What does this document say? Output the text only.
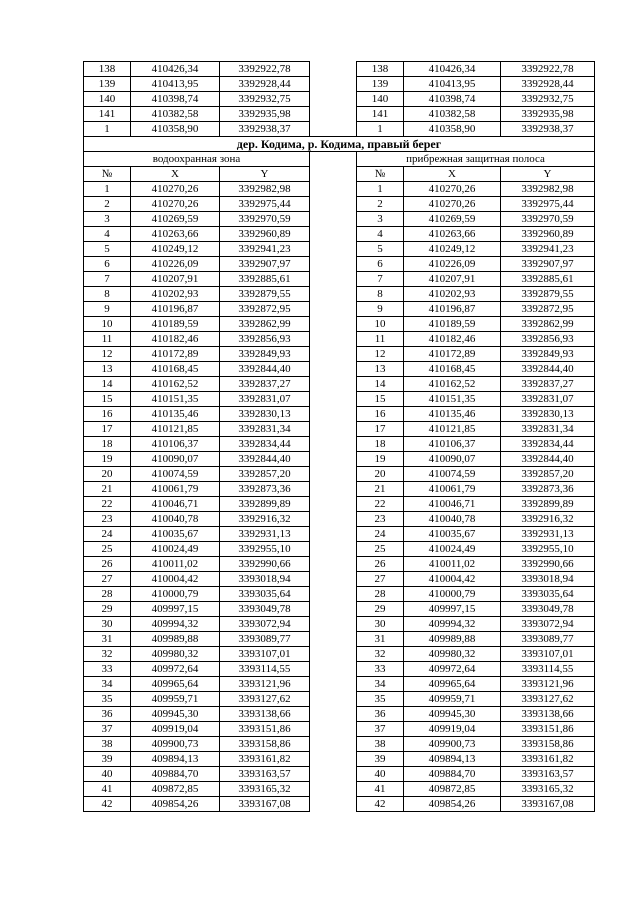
138	410426,34	3392922,78		138	410426,34	3392922,78
139	410413,95	3392928,44		139	410413,95	3392928,44
140	410398,74	3392932,75		140	410398,74	3392932,75
141	410382,58	3392935,98		141	410382,58	3392935,98
1	410358,90	3392938,37		1	410358,90	3392938,37
дер. Кодима, р. Кодима, правый берег						
водоохранная зона				прибрежная защитная полоса		
№	X	Y		№	X	Y
1	410270,26	3392982,98		1	410270,26	3392982,98
2	410270,26	3392975,44		2	410270,26	3392975,44
3	410269,59	3392970,59		3	410269,59	3392970,59
4	410263,66	3392960,89		4	410263,66	3392960,89
5	410249,12	3392941,23		5	410249,12	3392941,23
6	410226,09	3392907,97		6	410226,09	3392907,97
7	410207,91	3392885,61		7	410207,91	3392885,61
8	410202,93	3392879,55		8	410202,93	3392879,55
9	410196,87	3392872,95		9	410196,87	3392872,95
10	410189,59	3392862,99		10	410189,59	3392862,99
11	410182,46	3392856,93		11	410182,46	3392856,93
12	410172,89	3392849,93		12	410172,89	3392849,93
13	410168,45	3392844,40		13	410168,45	3392844,40
14	410162,52	3392837,27		14	410162,52	3392837,27
15	410151,35	3392831,07		15	410151,35	3392831,07
16	410135,46	3392830,13		16	410135,46	3392830,13
17	410121,85	3392831,34		17	410121,85	3392831,34
18	410106,37	3392834,44		18	410106,37	3392834,44
19	410090,07	3392844,40		19	410090,07	3392844,40
20	410074,59	3392857,20		20	410074,59	3392857,20
21	410061,79	3392873,36		21	410061,79	3392873,36
22	410046,71	3392899,89		22	410046,71	3392899,89
23	410040,78	3392916,32		23	410040,78	3392916,32
24	410035,67	3392931,13		24	410035,67	3392931,13
25	410024,49	3392955,10		25	410024,49	3392955,10
26	410011,02	3392990,66		26	410011,02	3392990,66
27	410004,42	3393018,94		27	410004,42	3393018,94
28	410000,79	3393035,64		28	410000,79	3393035,64
29	409997,15	3393049,78		29	409997,15	3393049,78
30	409994,32	3393072,94		30	409994,32	3393072,94
31	409989,88	3393089,77		31	409989,88	3393089,77
32	409980,32	3393107,01		32	409980,32	3393107,01
33	409972,64	3393114,55		33	409972,64	3393114,55
34	409965,64	3393121,96		34	409965,64	3393121,96
35	409959,71	3393127,62		35	409959,71	3393127,62
36	409945,30	3393138,66		36	409945,30	3393138,66
37	409919,04	3393151,86		37	409919,04	3393151,86
38	409900,73	3393158,86		38	409900,73	3393158,86
39	409894,13	3393161,82		39	409894,13	3393161,82
40	409884,70	3393163,57		40	409884,70	3393163,57
41	409872,85	3393165,32		41	409872,85	3393165,32
42	409854,26	3393167,08		42	409854,26	3393167,08
